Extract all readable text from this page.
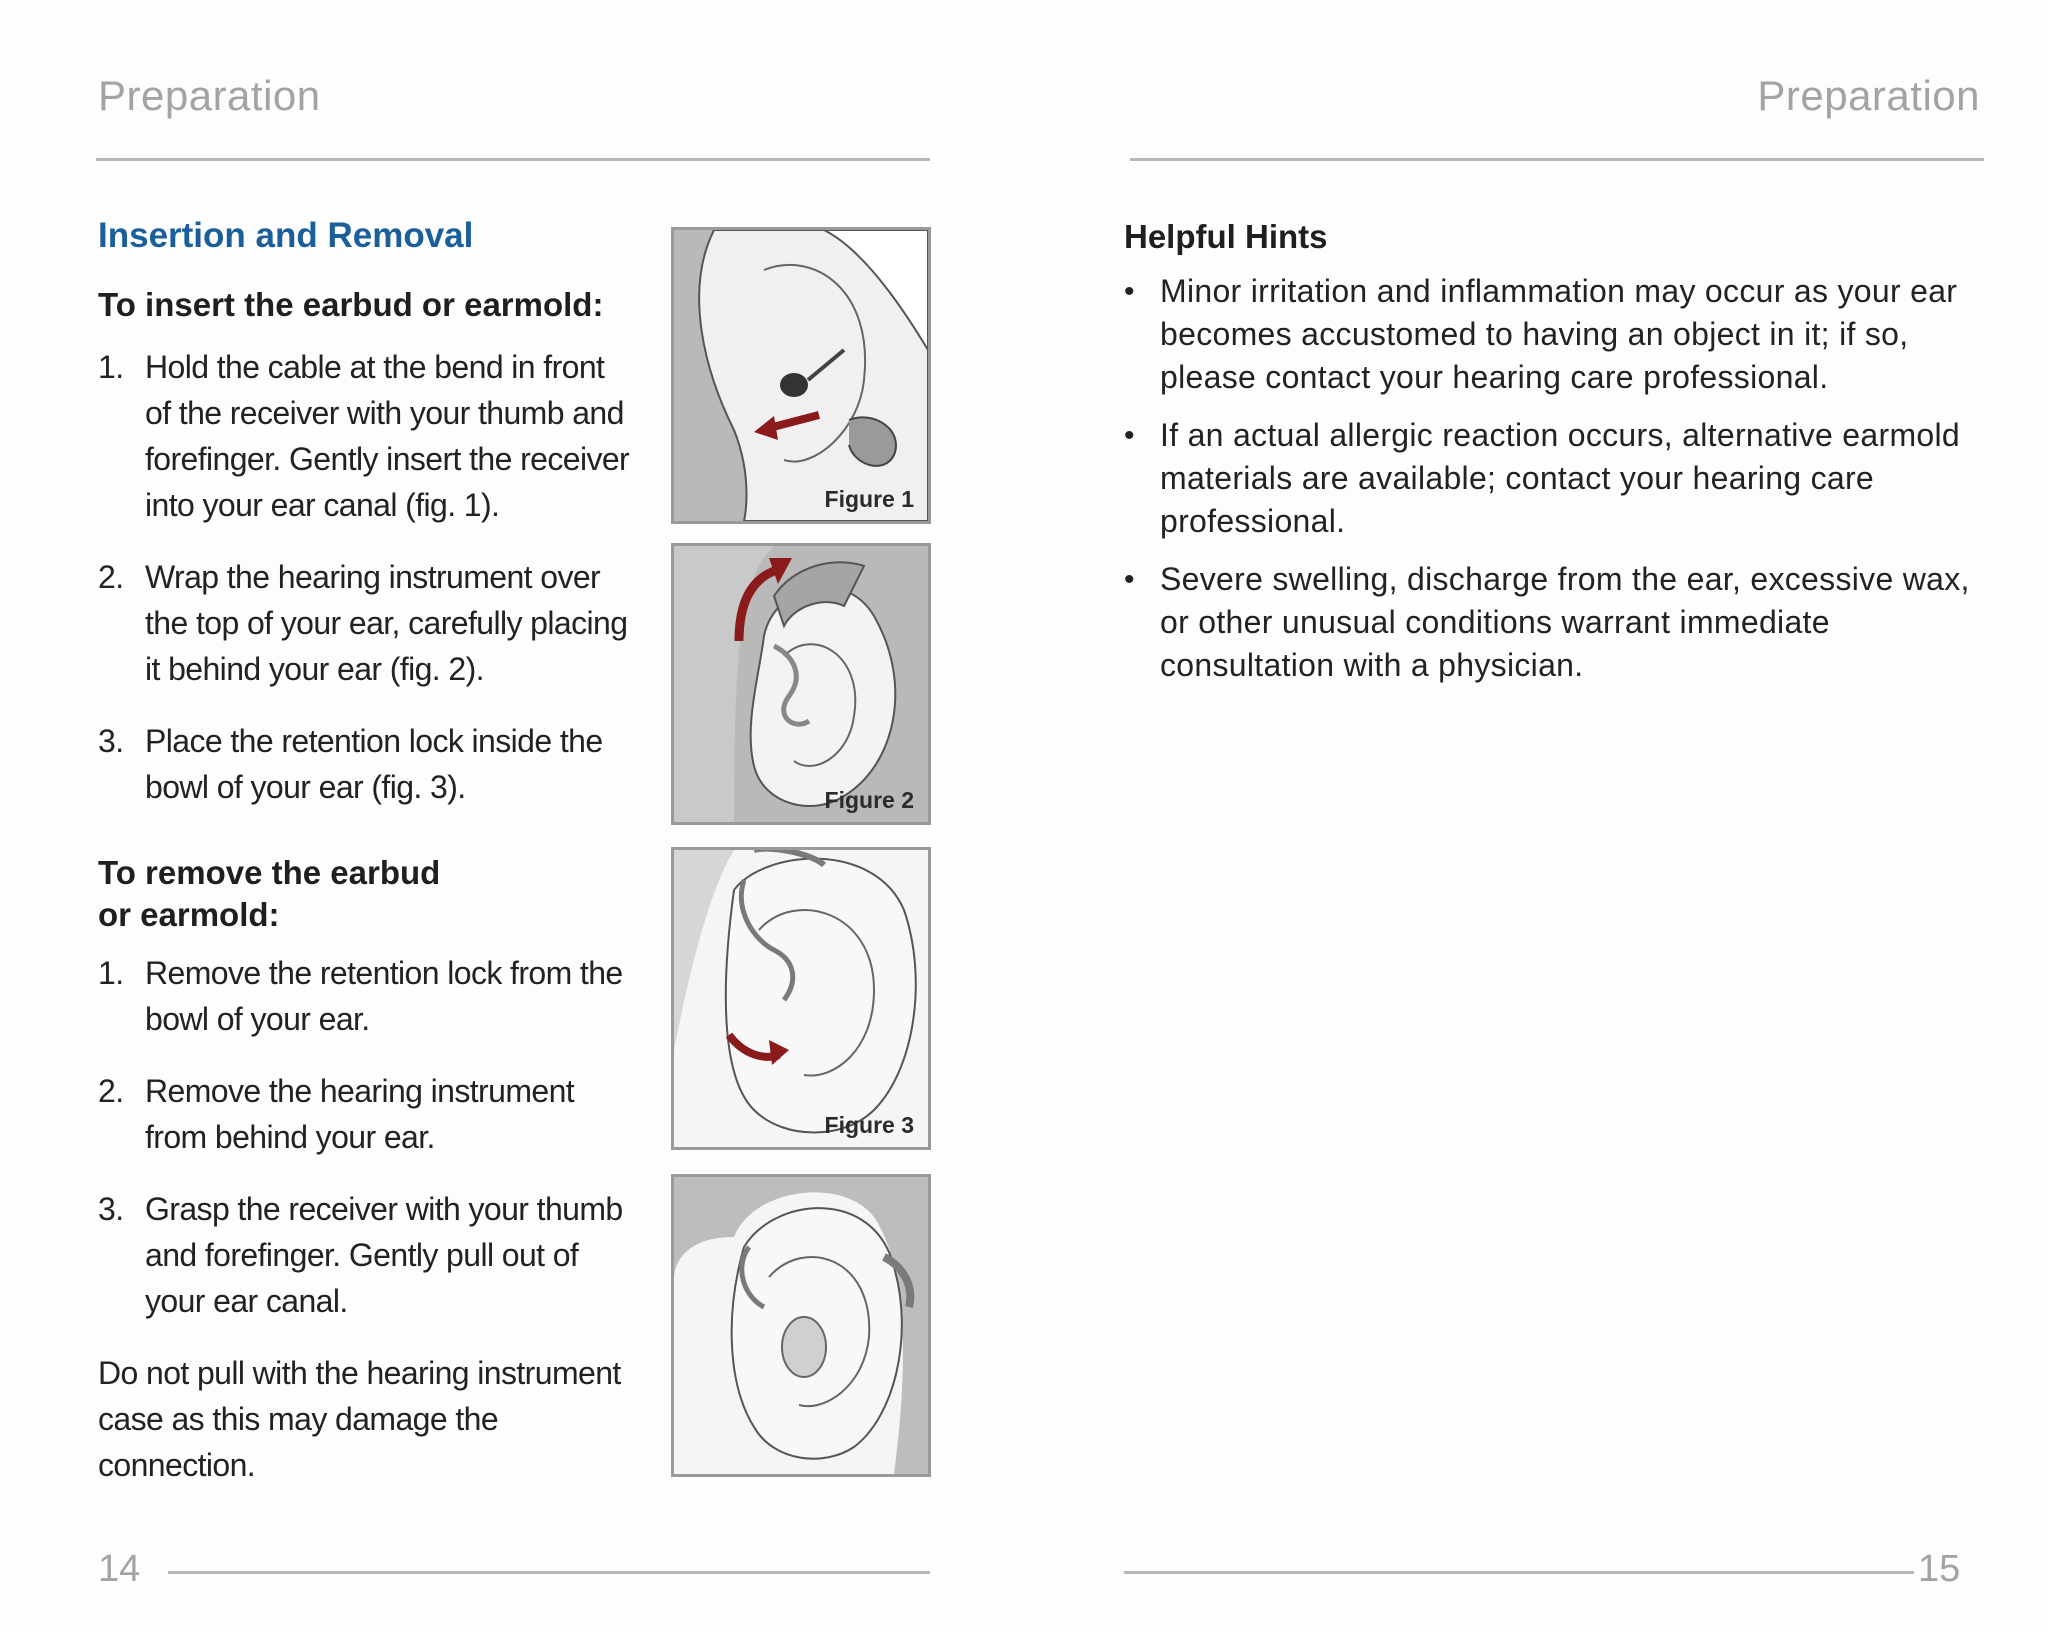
Preparation
Insertion and Removal
To insert the earbud or earmold:
1. Hold the cable at the bend in front of the receiver with your thumb and forefinger. Gently insert the receiver into your ear canal (fig. 1).
2. Wrap the hearing instrument over the top of your ear, carefully placing it behind your ear (fig. 2).
3. Place the retention lock inside the bowl of your ear (fig. 3).
To remove the earbud
or earmold:
1. Remove the retention lock from the bowl of your ear.
2. Remove the hearing instrument from behind your ear.
3. Grasp the receiver with your thumb and forefinger. Gently pull out of your ear canal.

Do not pull with the hearing instrument case as this may damage the connection.

Figure 1
Figure 2
Figure 3
14
Preparation
Helpful Hints
• Minor irritation and inflammation may occur as your ear becomes accustomed to having an object in it; if so, please contact your hearing care professional.
• If an actual allergic reaction occurs, alternative earmold materials are available; contact your hearing care professional.
• Severe swelling, discharge from the ear, excessive wax, or other unusual conditions warrant immediate consultation with a physician.
15
